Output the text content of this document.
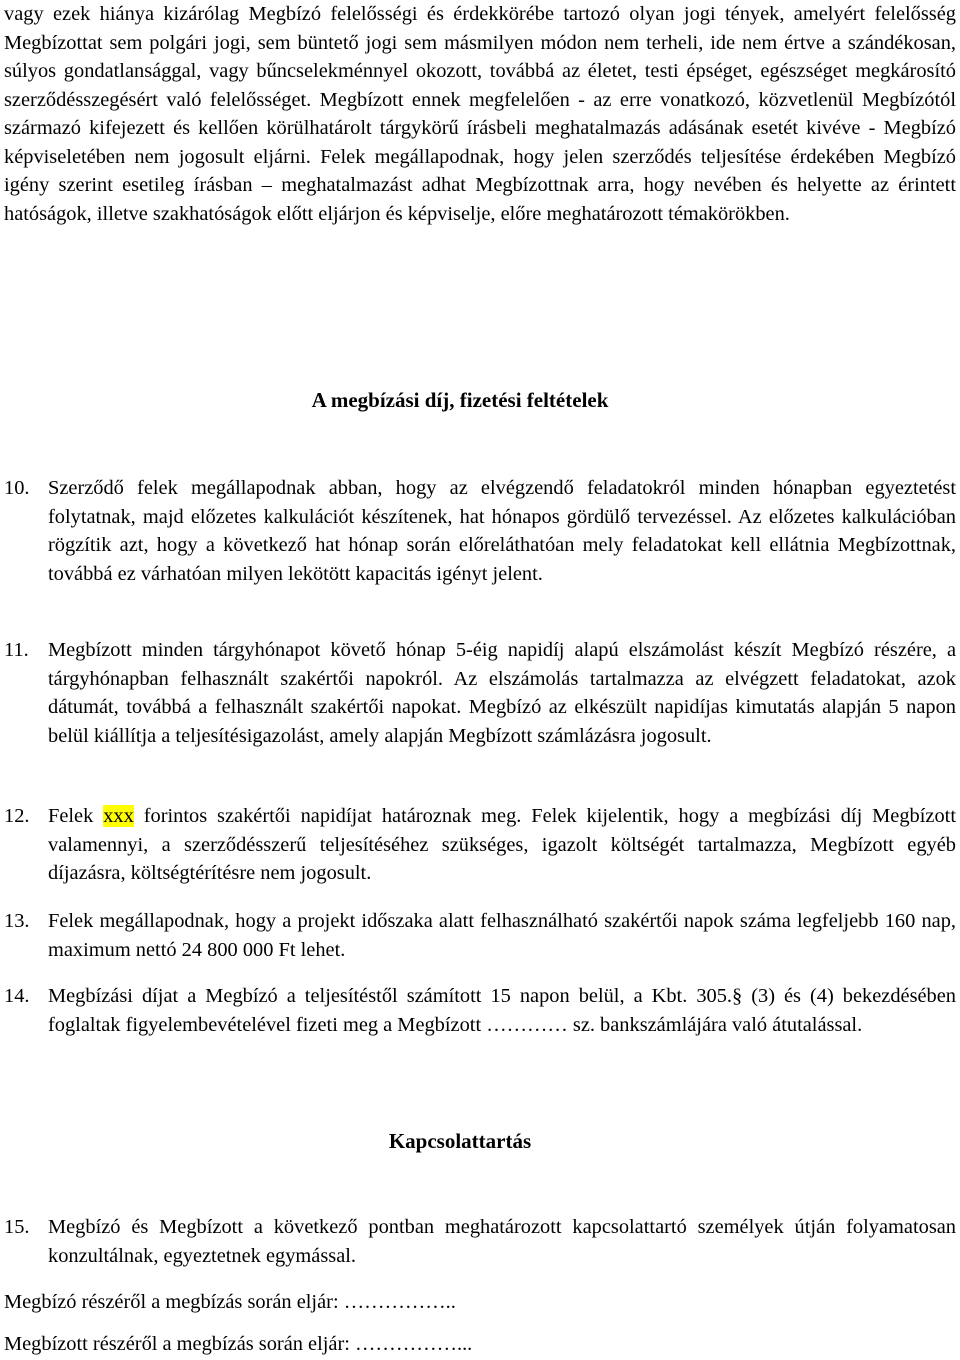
vagy ezek hiánya kizárólag Megbízó felelősségi és érdekkörébe tartozó olyan jogi tények, amelyért felelősség Megbízottat sem polgári jogi, sem büntető jogi sem másmilyen módon nem terheli, ide nem értve a szándékosan, súlyos gondatlansággal, vagy bűncselekménnyel okozott, továbbá az életet, testi épséget, egészséget megkárosító szerződésszegésért való felelősséget. Megbízott ennek megfelelően - az erre vonatkozó, közvetlenül Megbízótól származó kifejezett és kellően körülhatárolt tárgykörű írásbeli meghatalmazás adásának esetét kivéve - Megbízó képviseletében nem jogosult eljárni. Felek megállapodnak, hogy jelen szerződés teljesítése érdekében Megbízó igény szerint esetileg írásban – meghatalmazást adhat Megbízottnak arra, hogy nevében és helyette az érintett hatóságok, illetve szakhatóságok előtt eljárjon és képviselje, előre meghatározott témakörökben.

A megbízási díj, fizetési feltételek
10. Szerződő felek megállapodnak abban, hogy az elvégzendő feladatokról minden hónapban egyeztetést folytatnak, majd előzetes kalkulációt készítenek, hat hónapos gördülő tervezéssel. Az előzetes kalkulációban rögzítik azt, hogy a következő hat hónap során előreláthatóan mely feladatokat kell ellátnia Megbízottnak, továbbá ez várhatóan milyen lekötött kapacitás igényt jelent.
11. Megbízott minden tárgyhónapot követő hónap 5-éig napidíj alapú elszámolást készít Megbízó részére, a tárgyhónapban felhasznált szakértői napokról. Az elszámolás tartalmazza az elvégzett feladatokat, azok dátumát, továbbá a felhasznált szakértői napokat. Megbízó az elkészült napidíjas kimutatás alapján 5 napon belül kiállítja a teljesítésigazolást, amely alapján Megbízott számlázásra jogosult.
12. Felek xxx forintos szakértői napidíjat határoznak meg. Felek kijelentik, hogy a megbízási díj Megbízott valamennyi, a szerződésszerű teljesítéséhez szükséges, igazolt költségét tartalmazza, Megbízott egyéb díjazásra, költségtérítésre nem jogosult.
13. Felek megállapodnak, hogy a projekt időszaka alatt felhasználható szakértői napok száma legfeljebb 160 nap, maximum nettó 24 800 000 Ft lehet.
14. Megbízási díjat a Megbízó a teljesítéstől számított 15 napon belül, a Kbt. 305.§ (3) és (4) bekezdésében foglaltak figyelembevételével fizeti meg a Megbízott ………… sz. bankszámlájára való átutalással.
Kapcsolattartás
15. Megbízó és Megbízott a következő pontban meghatározott kapcsolattartó személyek útján folyamatosan konzultálnak, egyeztetnek egymással.

Megbízó részéről a megbízás során eljár: ……………..

Megbízott részéről a megbízás során eljár: ……………...
